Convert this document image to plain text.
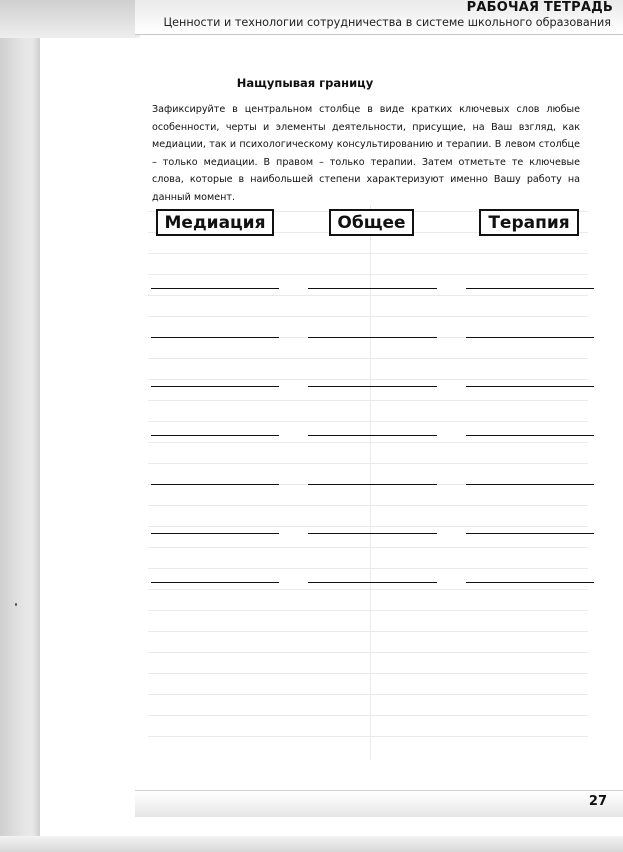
РАБОЧАЯ ТЕТРАДЬ
Ценности и технологии сотрудничества в системе школьного образования
Нащупывая границу

Зафиксируйте в центральном столбце в виде кратких ключевых слов любые особенности, черты и элементы деятельности, присущие, на Ваш взгляд, как медиации, так и психологическому консультированию и терапии. В левом столбце – только медиации. В правом – только терапии. Затем отметьте те ключевые слова, которые в наибольшей степени характеризуют именно Вашу работу на данный момент.

Медиация	Общее	Терапия
27
